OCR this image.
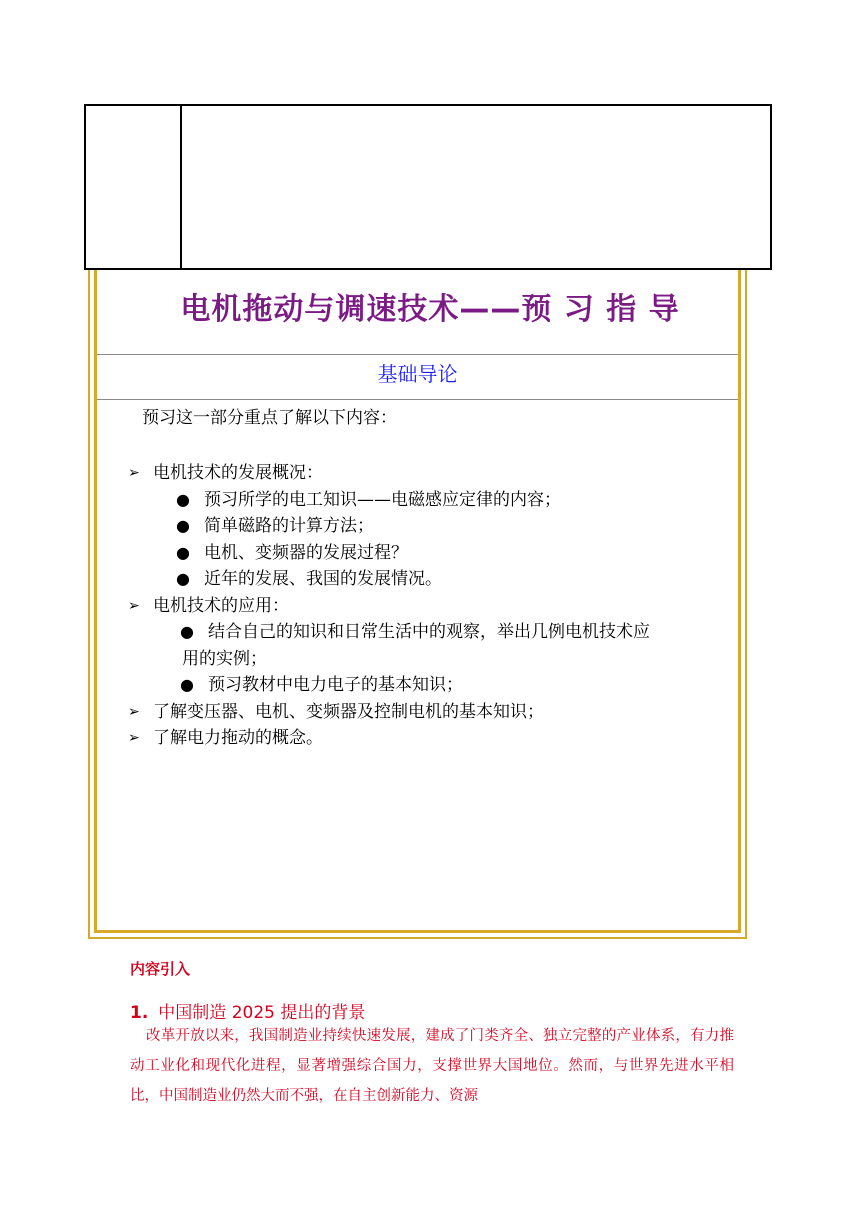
电机拖动与调速技术——预 习 指 导
基础导论
预习这一部分重点了解以下内容：
➢ 电机技术的发展概况：
● 预习所学的电工知识——电磁感应定律的内容；
● 简单磁路的计算方法；
● 电机、变频器的发展过程？
● 近年的发展、我国的发展情况。
➢ 电机技术的应用：
● 结合自己的知识和日常生活中的观察，举出几例电机技术应
用的实例；
● 预习教材中电力电子的基本知识；
➢ 了解变压器、电机、变频器及控制电机的基本知识；
➢ 了解电力拖动的概念。
内容引入
1. 中国制造 2025 提出的背景
改革开放以来，我国制造业持续快速发展，建成了门类齐全、独立完整的产业体系，有力推动工业化和现代化进程，显著增强综合国力，支撑世界大国地位。然而，与世界先进水平相比，中国制造业仍然大而不强，在自主创新能力、资源
